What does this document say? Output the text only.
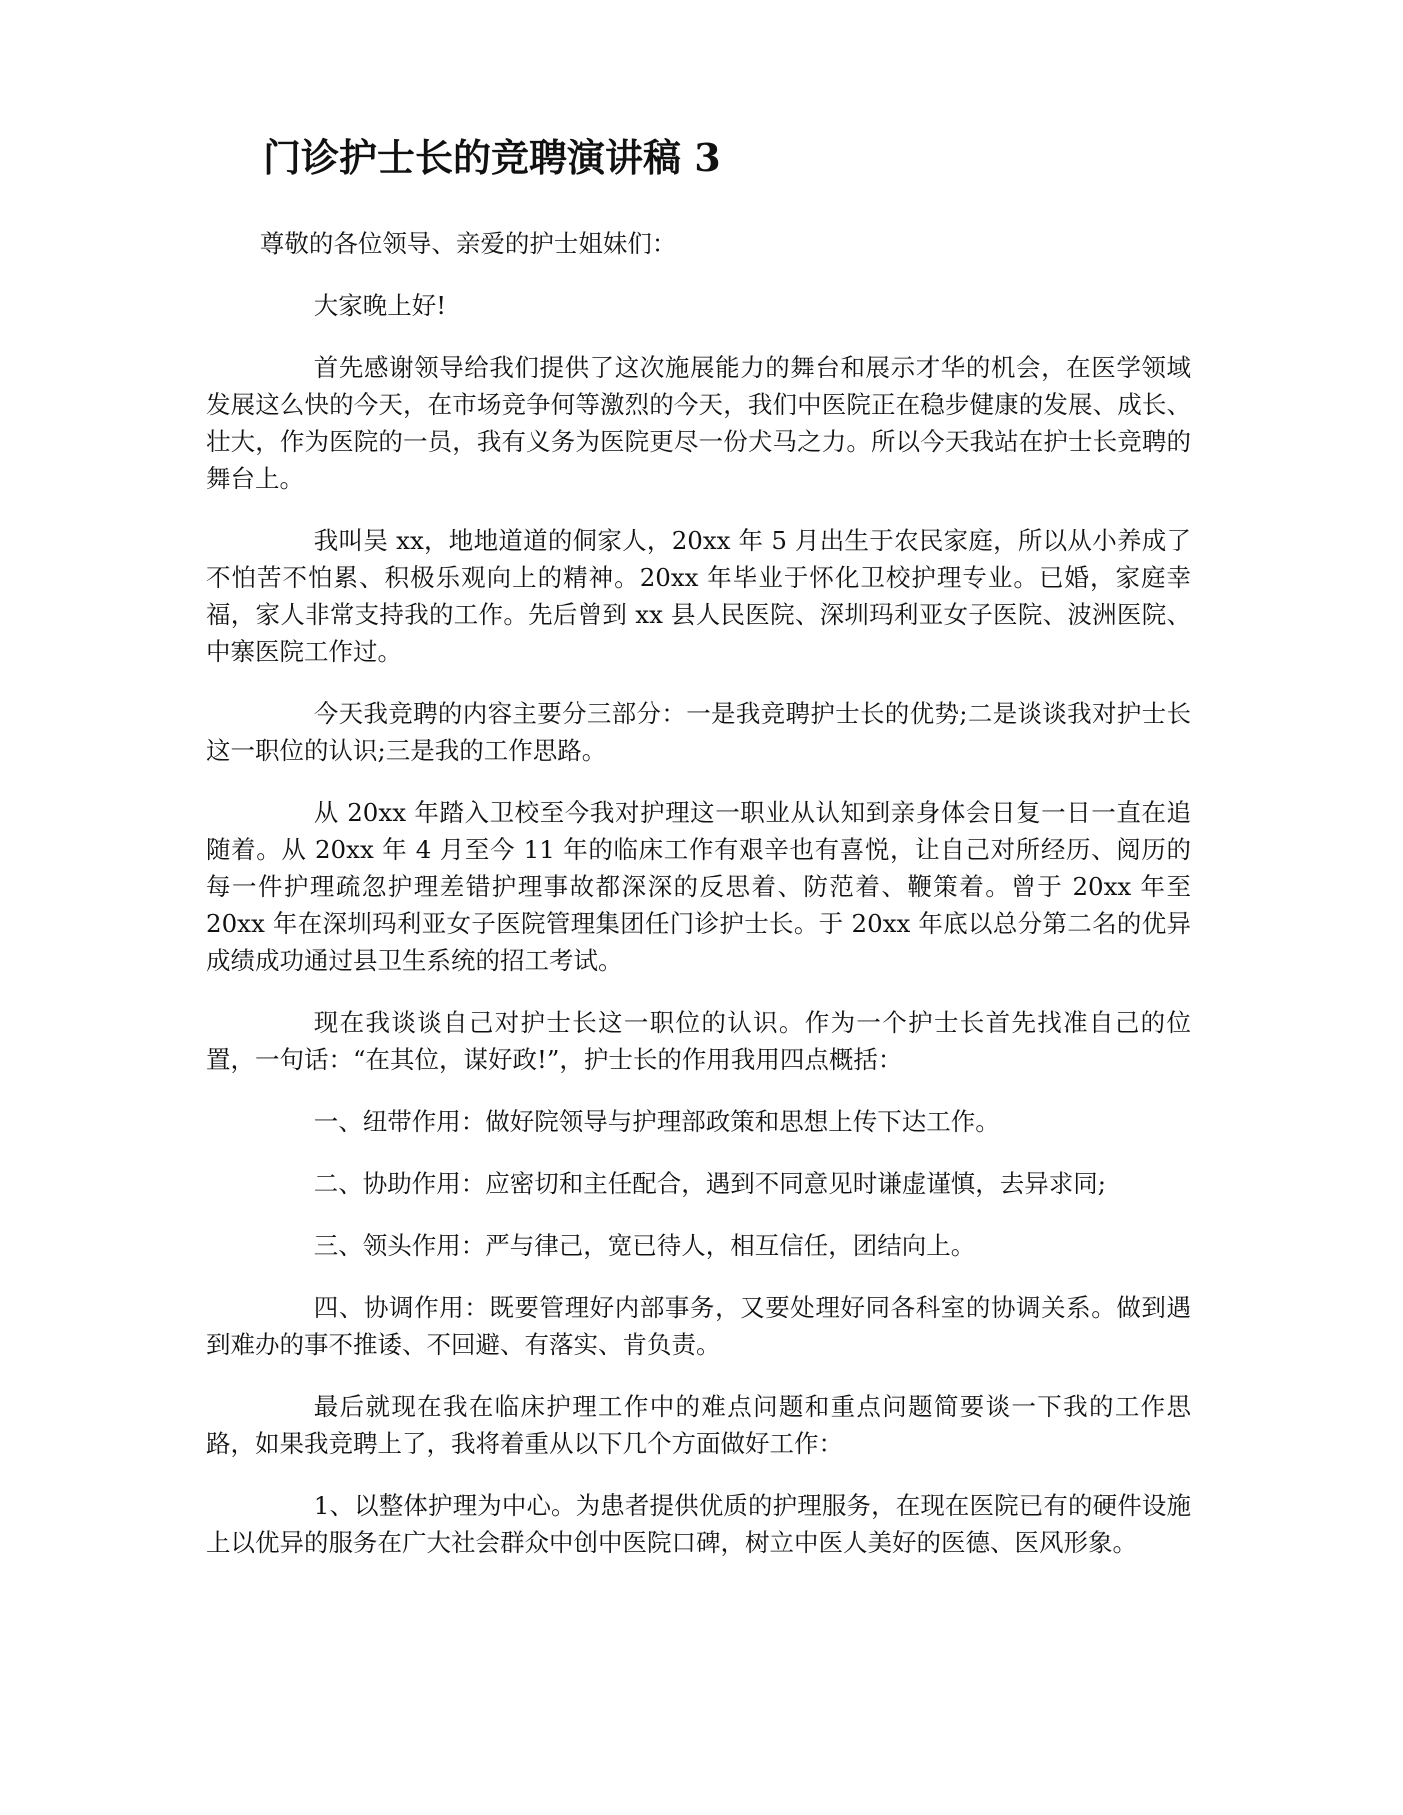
门诊护士长的竞聘演讲稿 3

尊敬的各位领导、亲爱的护士姐妹们：

大家晚上好!

首先感谢领导给我们提供了这次施展能力的舞台和展示才华的机会，在医学领域发展这么快的今天，在市场竞争何等激烈的今天，我们中医院正在稳步健康的发展、成长、壮大，作为医院的一员，我有义务为医院更尽一份犬马之力。所以今天我站在护士长竞聘的舞台上。

我叫吴 xx，地地道道的侗家人，20xx 年 5 月出生于农民家庭，所以从小养成了不怕苦不怕累、积极乐观向上的精神。20xx 年毕业于怀化卫校护理专业。已婚，家庭幸福，家人非常支持我的工作。先后曾到 xx 县人民医院、深圳玛利亚女子医院、波洲医院、中寨医院工作过。

今天我竞聘的内容主要分三部分：一是我竞聘护士长的优势;二是谈谈我对护士长这一职位的认识;三是我的工作思路。

从 20xx 年踏入卫校至今我对护理这一职业从认知到亲身体会日复一日一直在追随着。从 20xx 年 4 月至今 11 年的临床工作有艰辛也有喜悦，让自己对所经历、阅历的每一件护理疏忽护理差错护理事故都深深的反思着、防范着、鞭策着。曾于 20xx 年至 20xx 年在深圳玛利亚女子医院管理集团任门诊护士长。于 20xx 年底以总分第二名的优异成绩成功通过县卫生系统的招工考试。

现在我谈谈自己对护士长这一职位的认识。作为一个护士长首先找准自己的位置，一句话：“在其位，谋好政!”，护士长的作用我用四点概括：

一、纽带作用：做好院领导与护理部政策和思想上传下达工作。

二、协助作用：应密切和主任配合，遇到不同意见时谦虚谨慎，去异求同;

三、领头作用：严与律己，宽已待人，相互信任，团结向上。

四、协调作用：既要管理好内部事务，又要处理好同各科室的协调关系。做到遇到难办的事不推诿、不回避、有落实、肯负责。

最后就现在我在临床护理工作中的难点问题和重点问题简要谈一下我的工作思路，如果我竞聘上了，我将着重从以下几个方面做好工作：

1、以整体护理为中心。为患者提供优质的护理服务，在现在医院已有的硬件设施上以优异的服务在广大社会群众中创中医院口碑，树立中医人美好的医德、医风形象。
